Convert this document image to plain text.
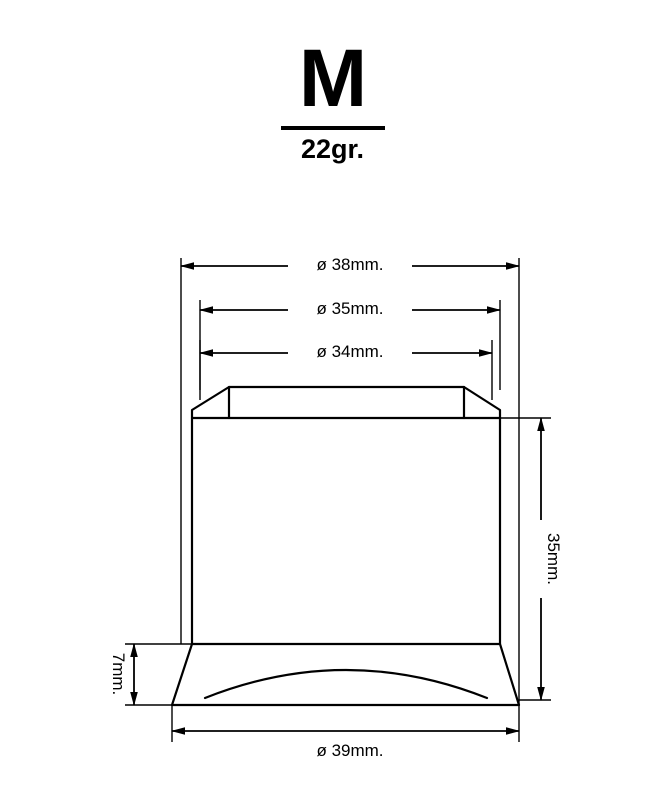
M
22gr.
ø 38mm.
ø 35mm.
ø 34mm.
35mm.
7mm.
ø 39mm.
